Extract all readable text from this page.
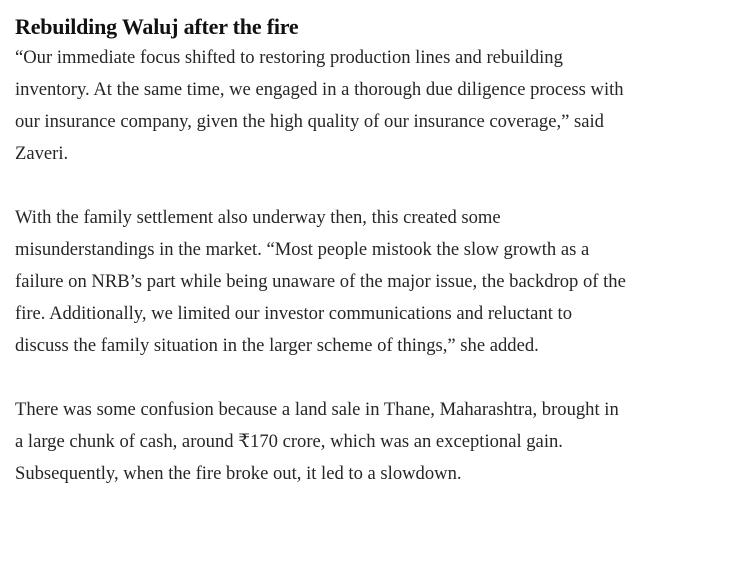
Rebuilding Waluj after the fire

“Our immediate focus shifted to restoring production lines and rebuilding inventory. At the same time, we engaged in a thorough due diligence process with our insurance company, given the high quality of our insurance coverage,” said Zaveri.

With the family settlement also underway then, this created some misunderstandings in the market. “Most people mistook the slow growth as a failure on NRB’s part while being unaware of the major issue, the backdrop of the fire. Additionally, we limited our investor communications and reluctant to discuss the family situation in the larger scheme of things,” she added.

There was some confusion because a land sale in Thane, Maharashtra, brought in a large chunk of cash, around ₹170 crore, which was an exceptional gain. Subsequently, when the fire broke out, it led to a slowdown.
